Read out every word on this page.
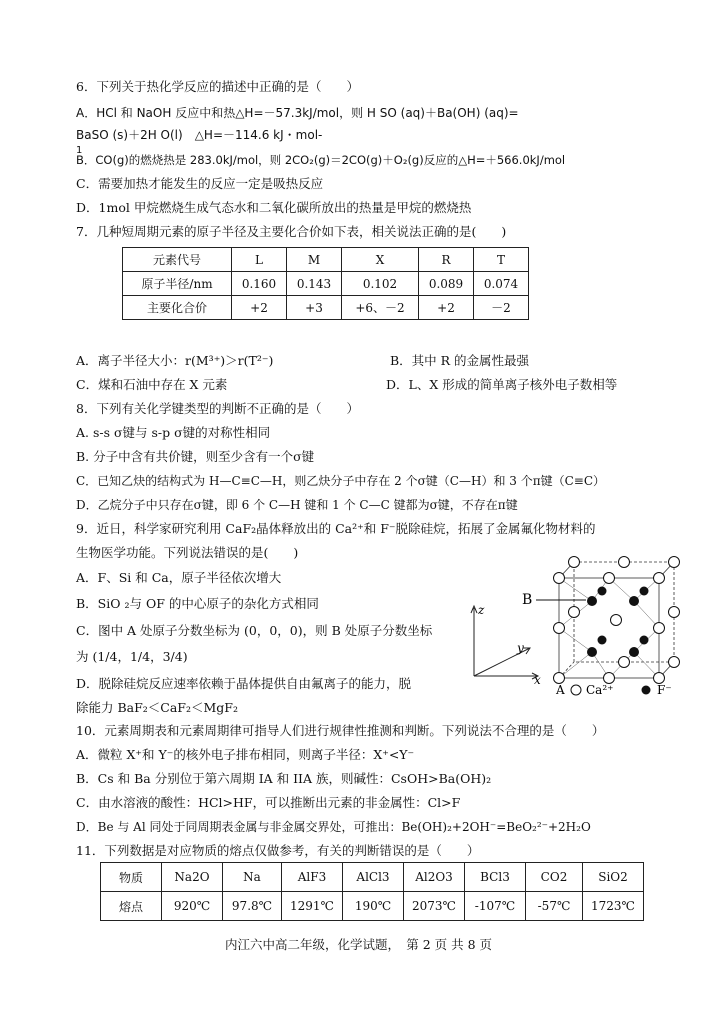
6．下列关于热化学反应的描述中正确的是（　　）
A．HCl 和 NaOH 反应中和热△H=－57.3kJ/mol，则 H SO (aq)＋Ba(OH) (aq)=
BaSO (s)＋2H O(l)　△H=－114.6 kJ・mol-
1
B．CO(g)的燃烧热是 283.0kJ/mol，则 2CO₂(g)＝2CO(g)＋O₂(g)反应的△H=＋566.0kJ/mol
C．需要加热才能发生的反应一定是吸热反应
D．1mol 甲烷燃烧生成气态水和二氧化碳所放出的热量是甲烷的燃烧热
7．几种短周期元素的原子半径及主要化合价如下表，相关说法正确的是(　　)
元素代号	L	M	X	R	T
原子半径/nm	0.160	0.143	0.102	0.089	0.074
主要化合价	+2	+3	+6、－2	+2	－2
A．离子半径大小：r(M³⁺)＞r(T²⁻)	B．其中 R 的金属性最强
C．煤和石油中存在 X 元素	D．L、X 形成的简单离子核外电子数相等
8．下列有关化学键类型的判断不正确的是（　　）
A. s-s σ键与 s-p σ键的对称性相同
B. 分子中含有共价键，则至少含有一个σ键
C．已知乙炔的结构式为 H—C≡C—H，则乙炔分子中存在 2 个σ键（C—H）和 3 个π键（C≡C）
D．乙烷分子中只存在σ键，即 6 个 C—H 键和 1 个 C—C 键都为σ键，不存在π键
9．近日，科学家研究利用 CaF₂晶体释放出的 Ca²⁺和 F⁻脱除硅烷，拓展了金属氟化物材料的
生物医学功能。下列说法错误的是(　　)
A．F、Si 和 Ca，原子半径依次增大
B．SiO ₂与 OF 的中心原子的杂化方式相同
C．图中 A 处原子分数坐标为 (0，0，0)，则 B 处原子分数坐标
为 (1/4，1/4，3/4)
D．脱除硅烷反应速率依赖于晶体提供自由氟离子的能力，脱
除能力 BaF₂＜CaF₂＜MgF₂
z
y
x
B
A Ca²⁺	F⁻
10．元素周期表和元素周期律可指导人们进行规律性推测和判断。下列说法不合理的是（　　）
A．微粒 X⁺和 Y⁻的核外电子排布相同，则离子半径：X⁺<Y⁻
B．Cs 和 Ba 分别位于第六周期 IA 和 IIA 族，则碱性：CsOH>Ba(OH)₂
C．由水溶液的酸性：HCl>HF，可以推断出元素的非金属性：Cl>F
D．Be 与 Al 同处于同周期表金属与非金属交界处，可推出：Be(OH)₂+2OH⁻=BeO₂²⁻+2H₂O
11．下列数据是对应物质的熔点仅做参考，有关的判断错误的是（　　）
物质	Na2O	Na	AlF3	AlCl3	Al2O3	BCl3	CO2	SiO2
熔点	920℃	97.8℃	1291℃	190℃	2073℃	-107℃	-57℃	1723℃
内江六中高二年级，化学试题，　第 2 页 共 8 页
